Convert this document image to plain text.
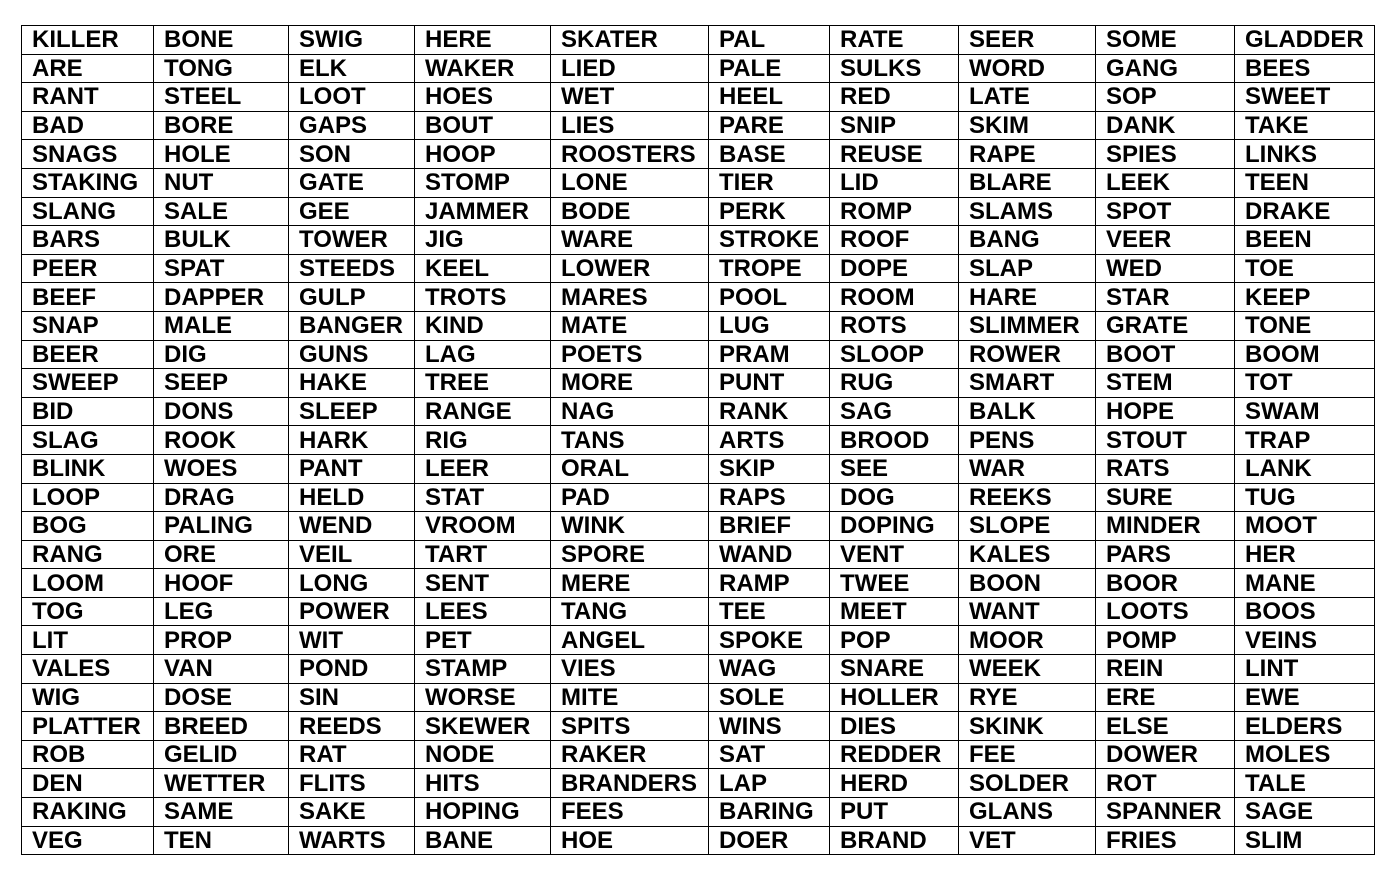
KILLER	BONE	SWIG	HERE	SKATER	PAL	RATE	SEER	SOME	GLADDER
ARE	TONG	ELK	WAKER	LIED	PALE	SULKS	WORD	GANG	BEES
RANT	STEEL	LOOT	HOES	WET	HEEL	RED	LATE	SOP	SWEET
BAD	BORE	GAPS	BOUT	LIES	PARE	SNIP	SKIM	DANK	TAKE
SNAGS	HOLE	SON	HOOP	ROOSTERS	BASE	REUSE	RAPE	SPIES	LINKS
STAKING	NUT	GATE	STOMP	LONE	TIER	LID	BLARE	LEEK	TEEN
SLANG	SALE	GEE	JAMMER	BODE	PERK	ROMP	SLAMS	SPOT	DRAKE
BARS	BULK	TOWER	JIG	WARE	STROKE	ROOF	BANG	VEER	BEEN
PEER	SPAT	STEEDS	KEEL	LOWER	TROPE	DOPE	SLAP	WED	TOE
BEEF	DAPPER	GULP	TROTS	MARES	POOL	ROOM	HARE	STAR	KEEP
SNAP	MALE	BANGER	KIND	MATE	LUG	ROTS	SLIMMER	GRATE	TONE
BEER	DIG	GUNS	LAG	POETS	PRAM	SLOOP	ROWER	BOOT	BOOM
SWEEP	SEEP	HAKE	TREE	MORE	PUNT	RUG	SMART	STEM	TOT
BID	DONS	SLEEP	RANGE	NAG	RANK	SAG	BALK	HOPE	SWAM
SLAG	ROOK	HARK	RIG	TANS	ARTS	BROOD	PENS	STOUT	TRAP
BLINK	WOES	PANT	LEER	ORAL	SKIP	SEE	WAR	RATS	LANK
LOOP	DRAG	HELD	STAT	PAD	RAPS	DOG	REEKS	SURE	TUG
BOG	PALING	WEND	VROOM	WINK	BRIEF	DOPING	SLOPE	MINDER	MOOT
RANG	ORE	VEIL	TART	SPORE	WAND	VENT	KALES	PARS	HER
LOOM	HOOF	LONG	SENT	MERE	RAMP	TWEE	BOON	BOOR	MANE
TOG	LEG	POWER	LEES	TANG	TEE	MEET	WANT	LOOTS	BOOS
LIT	PROP	WIT	PET	ANGEL	SPOKE	POP	MOOR	POMP	VEINS
VALES	VAN	POND	STAMP	VIES	WAG	SNARE	WEEK	REIN	LINT
WIG	DOSE	SIN	WORSE	MITE	SOLE	HOLLER	RYE	ERE	EWE
PLATTER	BREED	REEDS	SKEWER	SPITS	WINS	DIES	SKINK	ELSE	ELDERS
ROB	GELID	RAT	NODE	RAKER	SAT	REDDER	FEE	DOWER	MOLES
DEN	WETTER	FLITS	HITS	BRANDERS	LAP	HERD	SOLDER	ROT	TALE
RAKING	SAME	SAKE	HOPING	FEES	BARING	PUT	GLANS	SPANNER	SAGE
VEG	TEN	WARTS	BANE	HOE	DOER	BRAND	VET	FRIES	SLIM
